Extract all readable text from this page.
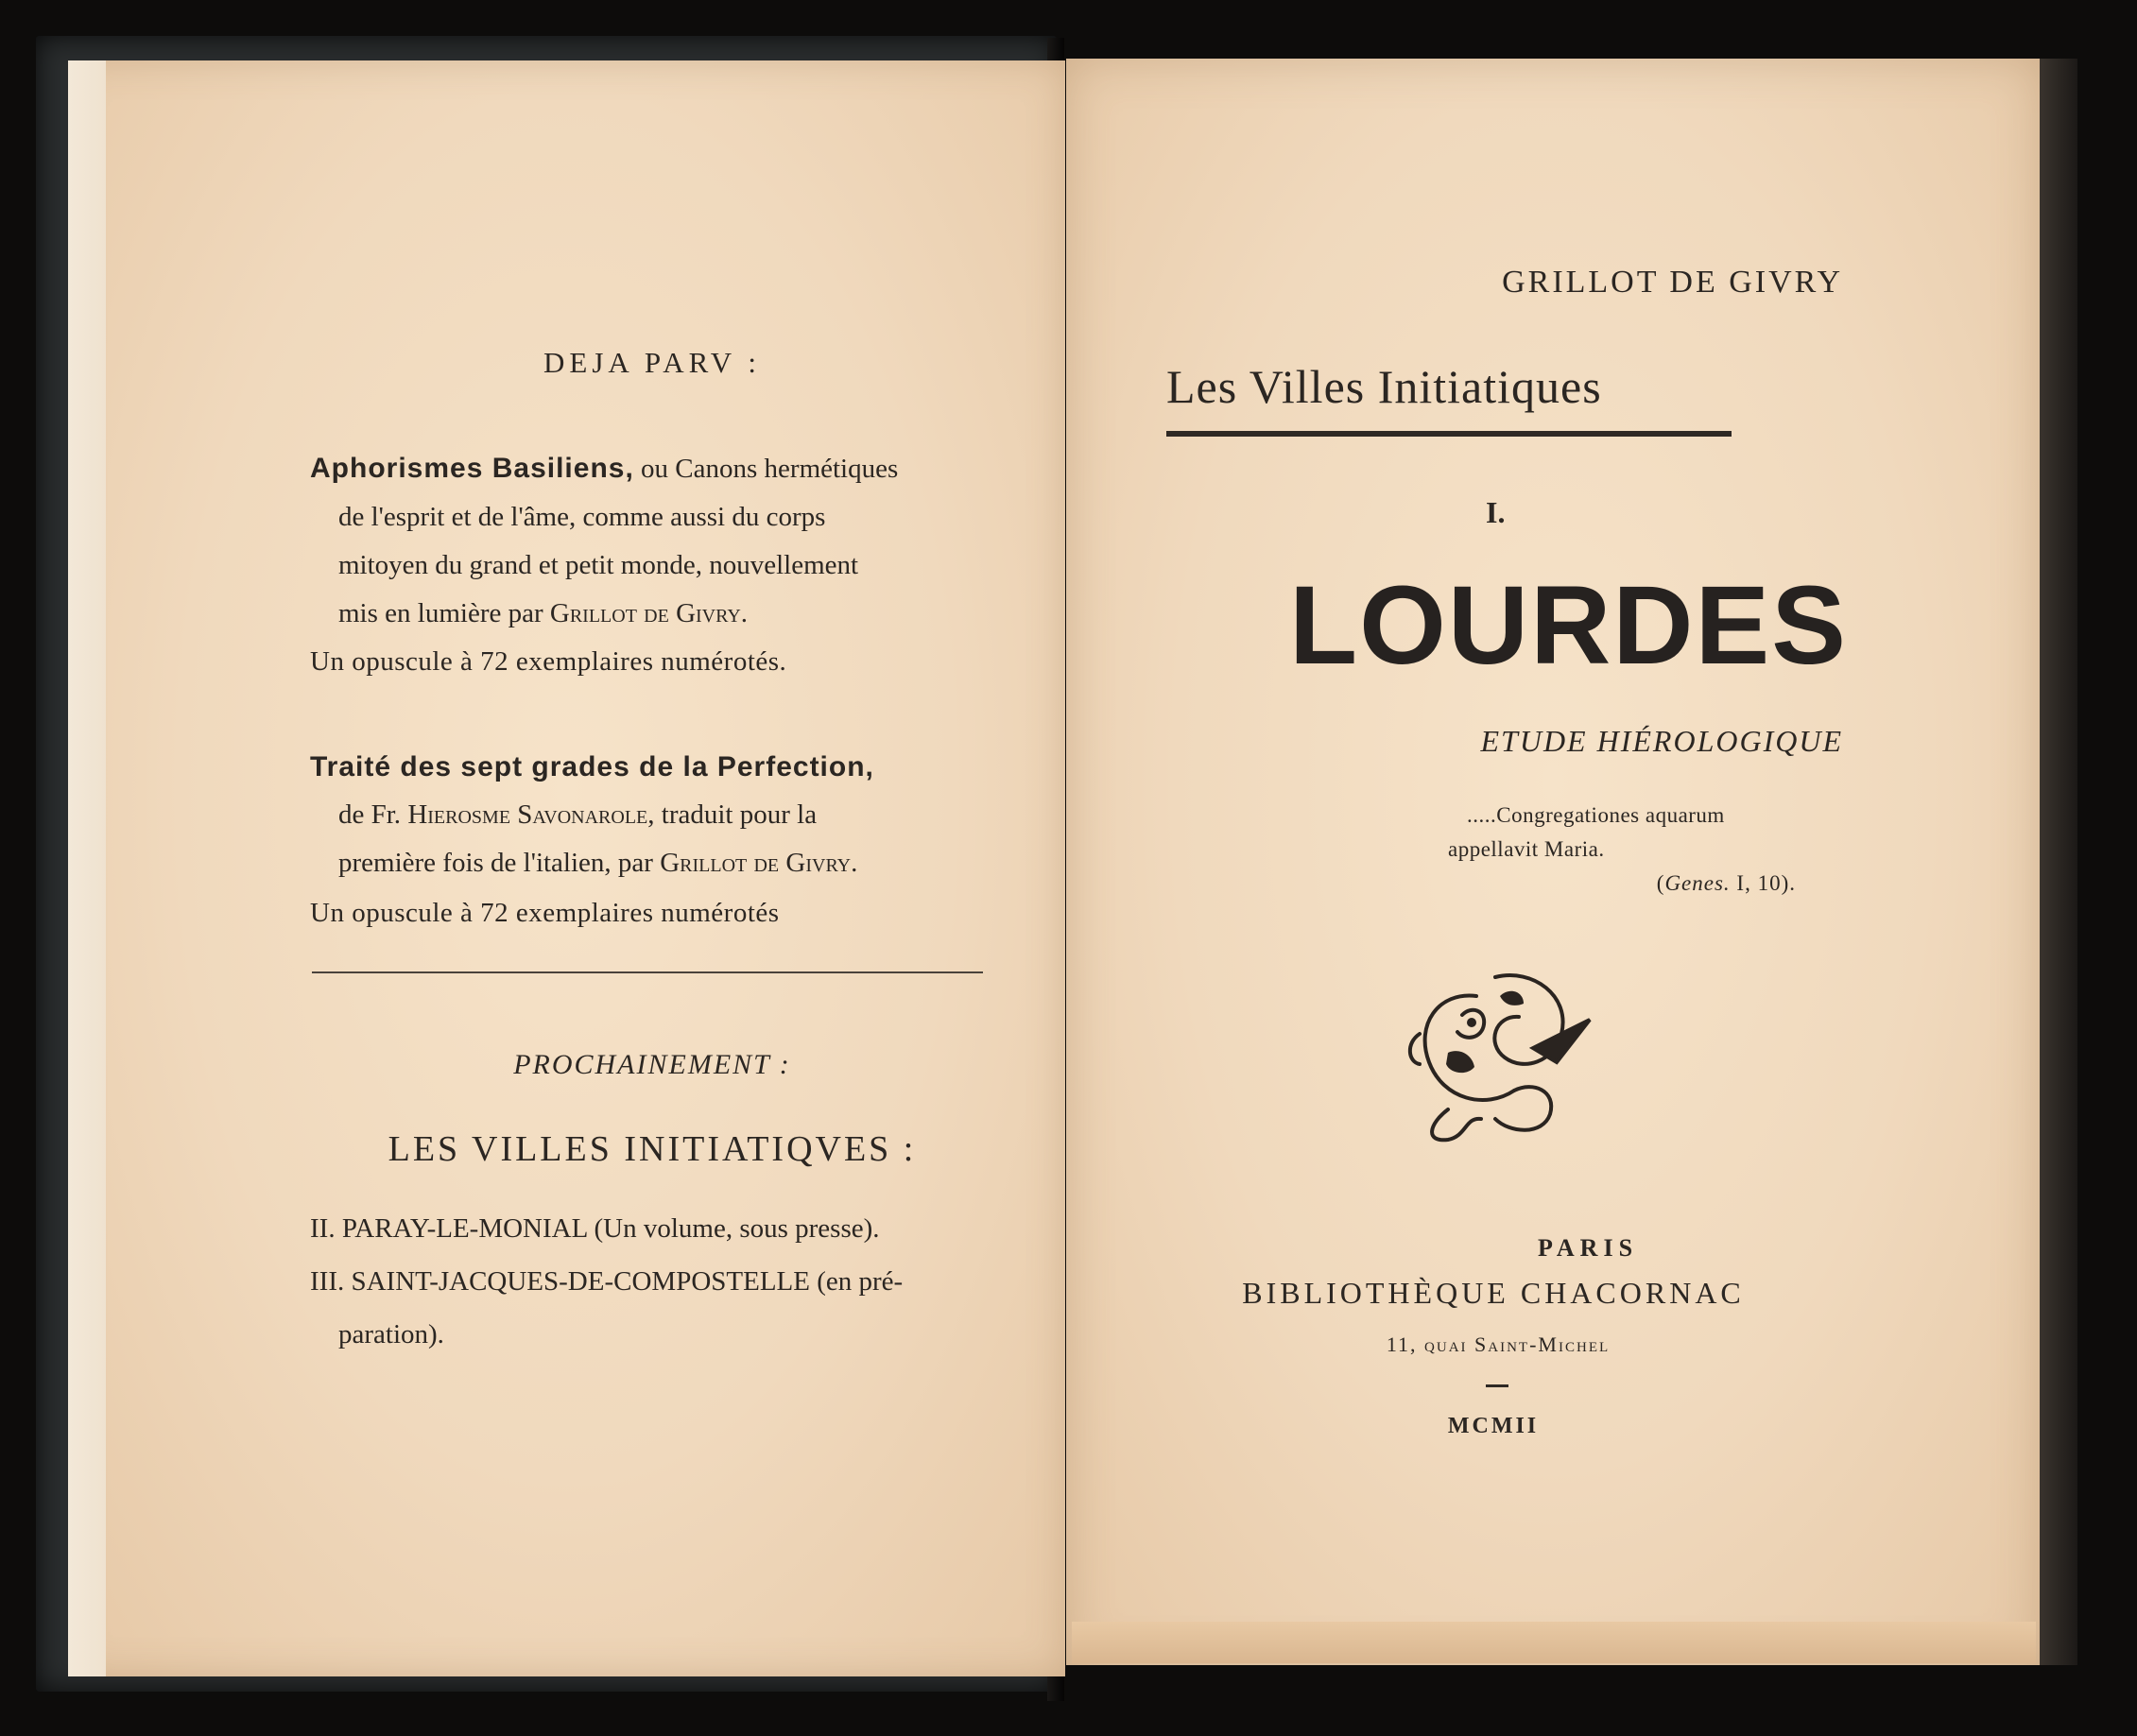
DEJA PARV :
Aphorismes Basiliens, ou Canons hermétiques
de l'esprit et de l'âme, comme aussi du corps
mitoyen du grand et petit monde, nouvellement
mis en lumière par Grillot de Givry.
Un opuscule à 72 exemplaires numérotés.
Traité des sept grades de la Perfection,
de Fr. Hierosme Savonarole, traduit pour la
première fois de l'italien, par Grillot de Givry.
Un opuscule à 72 exemplaires numérotés
PROCHAINEMENT :
LES VILLES INITIATIQVES :
II. PARAY-LE-MONIAL (Un volume, sous presse).
III. SAINT-JACQUES-DE-COMPOSTELLE (en pré-
paration).
GRILLOT DE GIVRY
Les Villes Initiatiques
I.
LOURDES
ETUDE HIÉROLOGIQUE
.....Congregationes aquarum
appellavit Maria.
(Genes. I, 10).
PARIS
BIBLIOTHÈQUE CHACORNAC
11, quai Saint-Michel
MCMII
